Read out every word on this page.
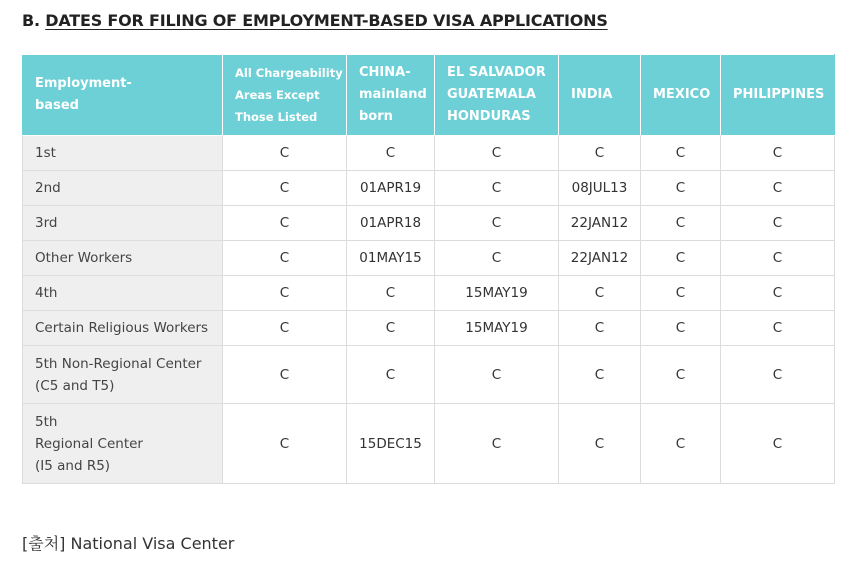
B. DATES FOR FILING OF EMPLOYMENT-BASED VISA APPLICATIONS
Employment-
based	All Chargeability
Areas Except
Those Listed	CHINA-
mainland
born	EL SALVADOR
GUATEMALA
HONDURAS	INDIA	MEXICO	PHILIPPINES
1st	C	C	C	C	C	C
2nd	C	01APR19	C	08JUL13	C	C
3rd	C	01APR18	C	22JAN12	C	C
Other Workers	C	01MAY15	C	22JAN12	C	C
4th	C	C	15MAY19	C	C	C
Certain Religious Workers	C	C	15MAY19	C	C	C
5th Non-Regional Center
(C5 and T5)	C	C	C	C	C	C
5th
Regional Center
(I5 and R5)	C	15DEC15	C	C	C	C
[출처] National Visa Center
